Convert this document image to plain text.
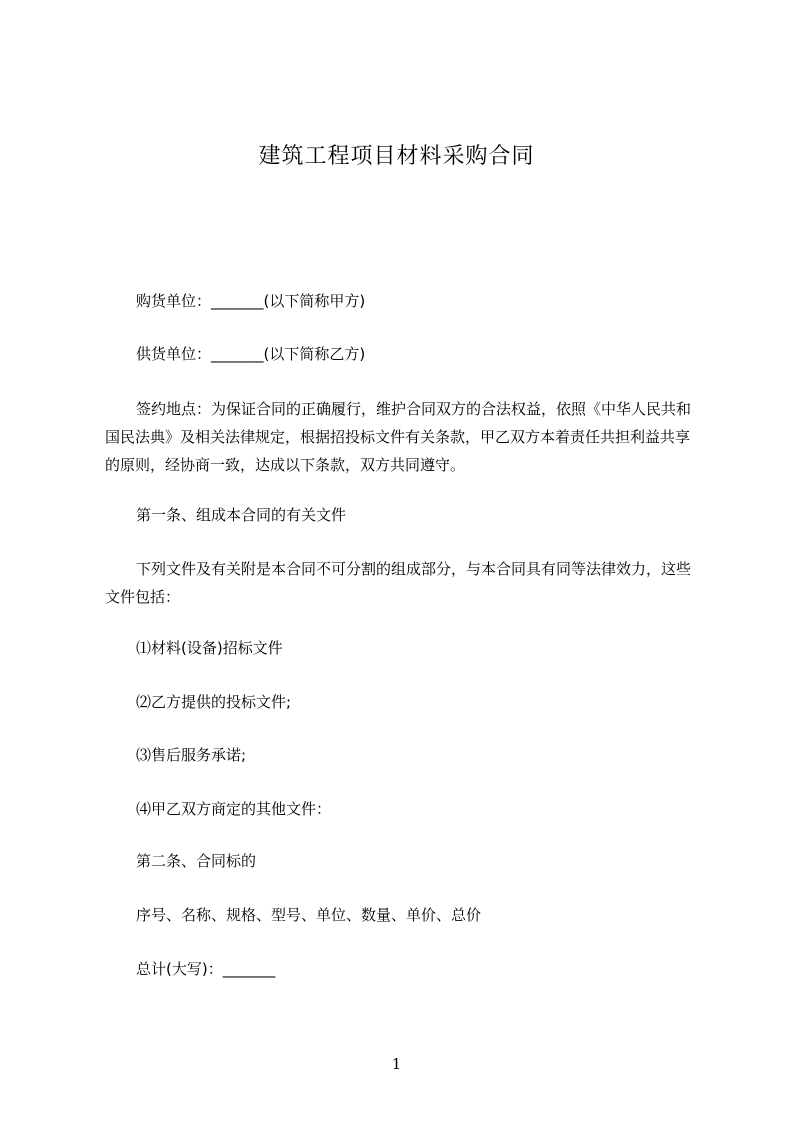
建筑工程项目材料采购合同
购货单位：_______(以下简称甲方)
供货单位：_______(以下简称乙方)
签约地点：为保证合同的正确履行，维护合同双方的合法权益，依照《中华人民共和国民法典》及相关法律规定，根据招投标文件有关条款，甲乙双方本着责任共担利益共享的原则，经协商一致，达成以下条款，双方共同遵守。
第一条、组成本合同的有关文件
下列文件及有关附是本合同不可分割的组成部分，与本合同具有同等法律效力，这些文件包括：
⑴材料(设备)招标文件
⑵乙方提供的投标文件;
⑶售后服务承诺;
⑷甲乙双方商定的其他文件：
第二条、合同标的
序号、名称、规格、型号、单位、数量、单价、总价
总计(大写)：_______
1
